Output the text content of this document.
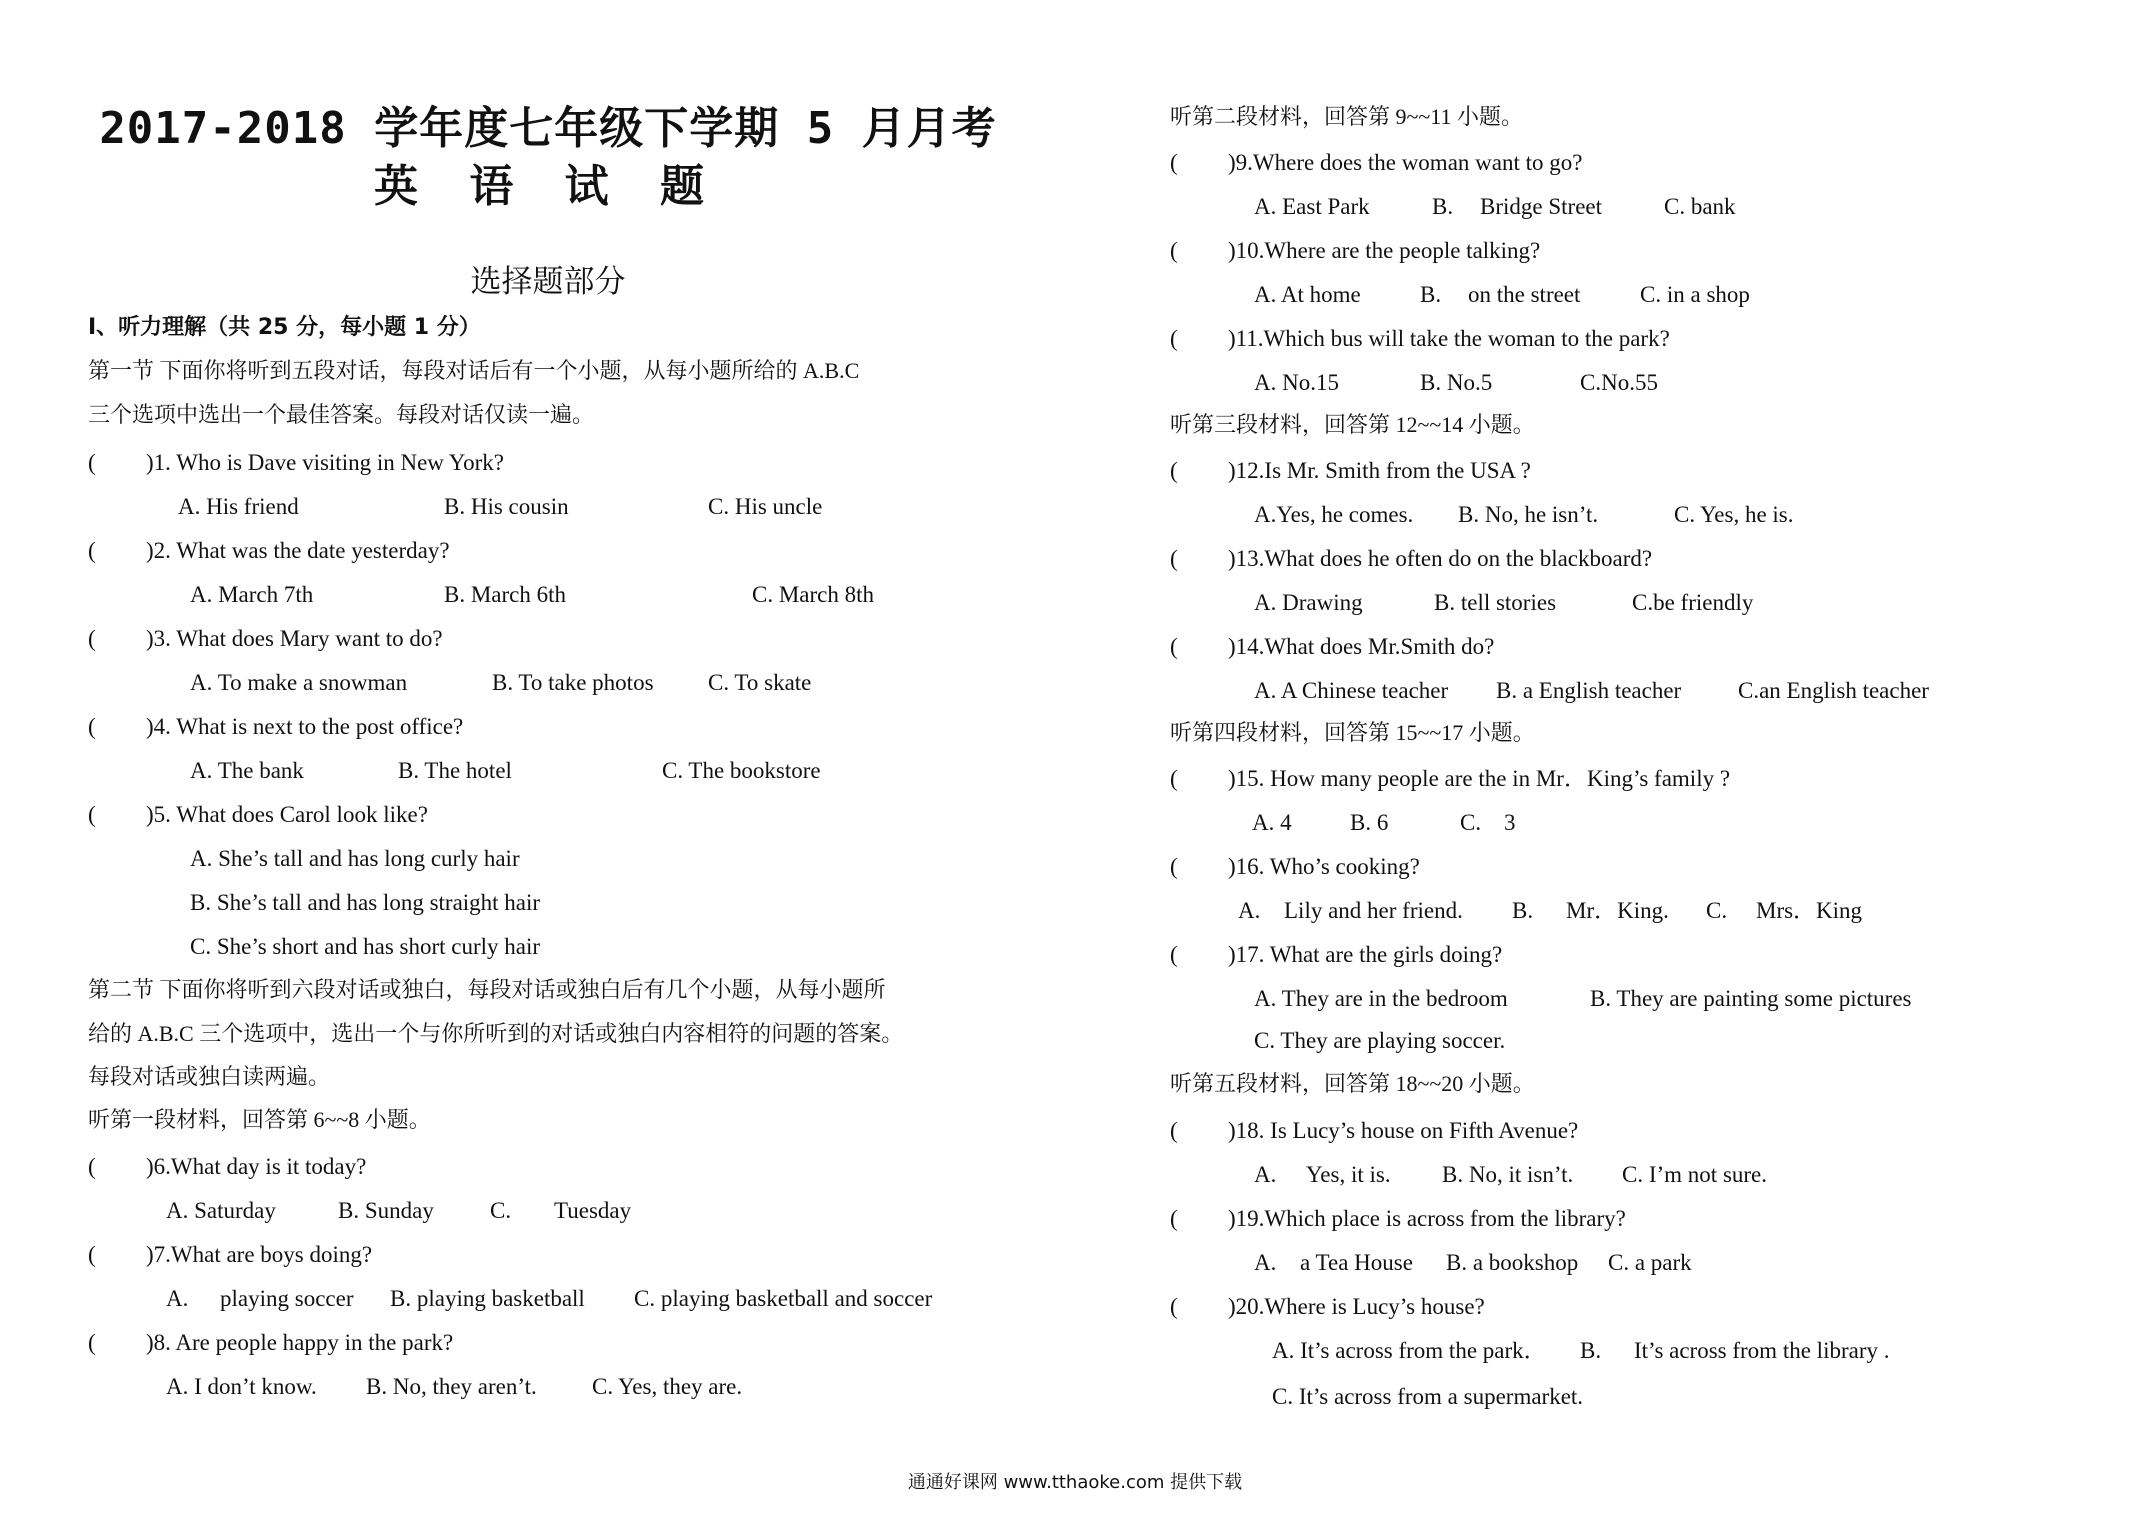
2017-2018 学年度七年级下学期 5 月月考
英 语 试 题
选择题部分
I、听力理解（共 25 分，每小题 1 分）
第一节 下面你将听到五段对话，每段对话后有一个小题，从每小题所给的 A.B.C
三个选项中选出一个最佳答案。每段对话仅读一遍。
( )1. Who is Dave visiting in New York?
A. His friend	B. His cousin	C. His uncle
( )2. What was the date yesterday?
A. March 7th	B. March 6th	C. March 8th
( )3. What does Mary want to do?
A. To make a snowman	B. To take photos C. To skate
( )4. What is next to the post office?
A. The bank	B. The hotel	C. The bookstore
( )5. What does Carol look like?
A. She’s tall and has long curly hair
B. She’s tall and has long straight hair
C. She’s short and has short curly hair
第二节 下面你将听到六段对话或独白，每段对话或独白后有几个小题，从每小题所
给的 A.B.C 三个选项中，选出一个与你所听到的对话或独白内容相符的问题的答案。
每段对话或独白读两遍。
听第一段材料，回答第 6~~8 小题。
( )6.What day is it today?
A. Saturday	B. Sunday C. Tuesday
( )7.What are boys doing?
A. playing soccer B. playing basketball C. playing basketball and soccer
( )8. Are people happy in the park?
A. I don’t know. B. No, they aren’t. C. Yes, they are.
听第二段材料，回答第 9~~11 小题。
( )9.Where does the woman want to go?
A. East Park	B. Bridge Street	C. bank
( )10.Where are the people talking?
A. At home	B. on the street	C. in a shop
( )11.Which bus will take the woman to the park?
A. No.15	B. No.5	C.No.55
听第三段材料，回答第 12~~14 小题。
( )12.Is Mr. Smith from the USA ?
A.Yes, he comes. B. No, he isn’t.	C. Yes, he is.
( )13.What does he often do on the blackboard?
A. Drawing	B. tell stories	C.be friendly
( )14.What does Mr.Smith do?
A. A Chinese teacher B. a English teacher C.an English teacher
听第四段材料，回答第 15~~17 小题。
( )15. How many people are the in Mr．King’s family ?
A. 4	B. 6	C. 3
( )16. Who’s cooking?
A. Lily and her friend. B. Mr．King. C. Mrs．King
( )17. What are the girls doing?
A. They are in the bedroom	B. They are painting some pictures
C. They are playing soccer.
听第五段材料，回答第 18~~20 小题。
( )18. Is Lucy’s house on Fifth Avenue?
A. Yes, it is. B. No, it isn’t. C. I’m not sure.
( )19.Which place is across from the library?
A. a Tea House B. a bookshop C. a park
( )20.Where is Lucy’s house?
A. It’s across from the park． B. It’s across from the library .
C. It’s across from a supermarket.
通通好课网 www.tthaoke.com 提供下载
